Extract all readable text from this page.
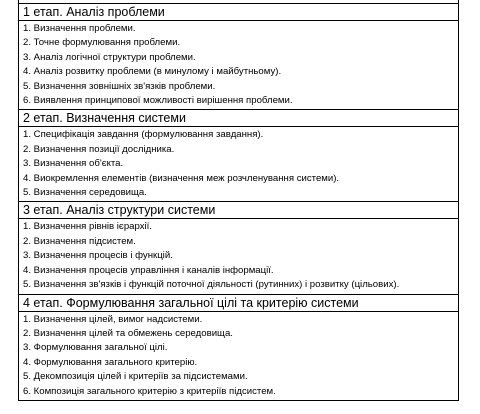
1 етап. Аналіз проблеми

1. Визначення проблеми.
2. Точне формулювання проблеми.
3. Аналіз логічної структури проблеми.
4. Аналіз розвитку проблеми (в минулому і майбутньому).
5. Визначення зовнішніх зв'язків проблеми.
6. Виявлення принципової можливості вирішення проблеми.

2 етап. Визначення системи

1. Специфікація завдання (формулювання завдання).
2. Визначення позиції дослідника.
3. Визначення об'єкта.
4. Виокремлення елементів (визначення меж розчленування системи).
5. Визначення середовища.

3 етап. Аналіз структури системи

1. Визначення рівнів ієрархії.
2. Визначення підсистем.
3. Визначення процесів і функцій.
4. Визначення процесів управління і каналів інформації.
5. Визначення зв'язків і функцій поточної діяльності (рутинних) і розвитку (цільових).

4 етап. Формулювання загальної цілі та критерію системи

1. Визначення цілей, вимог надсистеми.
2. Визначення цілей та обмежень середовища.
3. Формулювання загальної цілі.
4. Формулювання загального критерію.
5. Декомпозиція цілей і критеріїв за підсистемами.
6. Композиція загального критерію з критеріїв підсистем.
